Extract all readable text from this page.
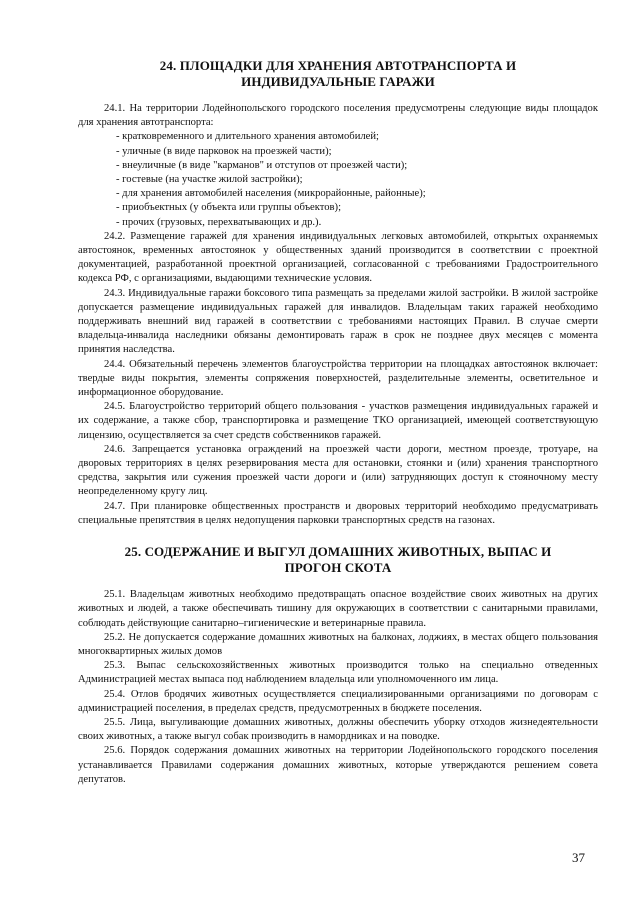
24. ПЛОЩАДКИ ДЛЯ ХРАНЕНИЯ АВТОТРАНСПОРТА И
ИНДИВИДУАЛЬНЫЕ ГАРАЖИ

24.1. На территории Лодейнопольского городского поселения предусмотрены следующие виды площадок для хранения автотранспорта:

- кратковременного и длительного хранения автомобилей;
- уличные (в виде парковок на проезжей части);
- внеуличные (в виде "карманов" и отступов от проезжей части);
- гостевые (на участке жилой застройки);
- для хранения автомобилей населения (микрорайонные, районные);
- приобъектных (у объекта или группы объектов);
- прочих (грузовых, перехватывающих и др.).

24.2. Размещение гаражей для хранения индивидуальных легковых автомобилей, открытых охраняемых автостоянок, временных автостоянок у общественных зданий производится в соответствии с проектной документацией, разработанной проектной организацией, согласованной с требованиями Градостроительного кодекса РФ, с организациями, выдающими технические условия.

24.3. Индивидуальные гаражи боксового типа размещать за пределами жилой застройки. В жилой застройке допускается размещение индивидуальных гаражей для инвалидов. Владельцам таких гаражей необходимо поддерживать внешний вид гаражей в соответствии с требованиями настоящих Правил. В случае смерти владельца-инвалида наследники обязаны демонтировать гараж в срок не позднее двух месяцев с момента принятия наследства.

24.4. Обязательный перечень элементов благоустройства территории на площадках автостоянок включает: твердые виды покрытия, элементы сопряжения поверхностей, разделительные элементы, осветительное и информационное оборудование.

24.5. Благоустройство территорий общего пользования - участков размещения индивидуальных гаражей и их содержание, а также сбор, транспортировка и размещение ТКО организацией, имеющей соответствующую лицензию, осуществляется за счет средств собственников гаражей.

24.6. Запрещается установка ограждений на проезжей части дороги, местном проезде, тротуаре, на дворовых территориях в целях резервирования места для остановки, стоянки и (или) хранения транспортного средства, закрытия или сужения проезжей части дороги и (или) затрудняющих доступ к стояночному месту неопределенному кругу лиц.

24.7. При планировке общественных пространств и дворовых территорий необходимо предусматривать специальные препятствия в целях недопущения парковки транспортных средств на газонах.

25. СОДЕРЖАНИЕ И ВЫГУЛ ДОМАШНИХ ЖИВОТНЫХ, ВЫПАС И
ПРОГОН СКОТА

25.1. Владельцам животных необходимо предотвращать опасное воздействие своих животных на других животных и людей, а также обеспечивать тишину для окружающих в соответствии с санитарными правилами, соблюдать действующие санитарно–гигиенические и ветеринарные правила.

25.2. Не допускается содержание домашних животных на балконах, лоджиях, в местах общего пользования многоквартирных жилых домов

25.3. Выпас сельскохозяйственных животных производится только на специально отведенных Администрацией местах выпаса под наблюдением владельца или уполномоченного им лица.

25.4. Отлов бродячих животных осуществляется специализированными организациями по договорам с администрацией поселения, в пределах средств, предусмотренных в бюджете поселения.

25.5. Лица, выгуливающие домашних животных, должны обеспечить уборку отходов жизнедеятельности своих животных, а также выгул собак производить в намордниках и на поводке.

25.6. Порядок содержания домашних животных на территории Лодейнопольского городского поселения устанавливается Правилами содержания домашних животных, которые утверждаются решением совета депутатов.

37
